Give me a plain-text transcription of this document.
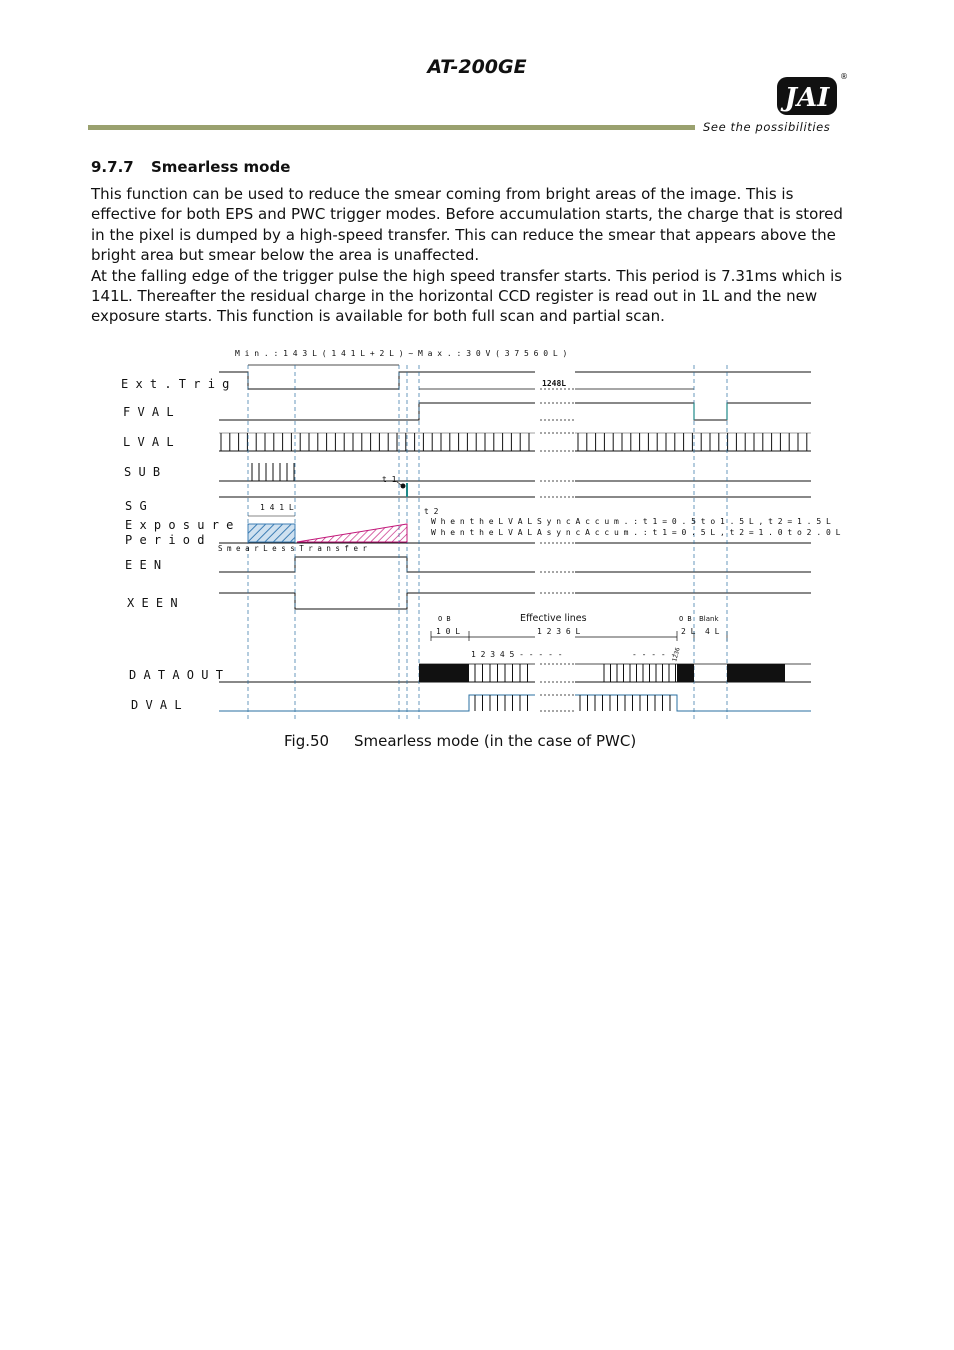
AT-200GE
JAI
®
See the possibilities
9.7.7 Smearless mode

This function can be used to reduce the smear coming from bright areas of the image. This is effective for both EPS and PWC trigger modes. Before accumulation starts, the charge that is stored in the pixel is dumped by a high-speed transfer. This can reduce the smear that appears above the bright area but smear below the area is unaffected.

At the falling edge of the trigger pulse the high speed transfer starts. This period is 7.31ms which is 141L. Thereafter the residual charge in the horizontal CCD register is read out in 1L and the new exposure starts. This function is available for both full scan and partial scan.

E x t . T r i g
F V A L
L V A L
S U B
S G
E x p o s u r e
P e r i o d
E E N
X E E N
D A T A O U T
D V A L
M i n . : 1 4 3 L ( 1 4 1 L + 2 L ) ~ M a x . : 3 0 V ( 3 7 5 6 0 L )
1248L
t 1
t 2
1 4 1 L
W h e n t h e L V A L S y n c A c c u m . : t 1 = 0 . 5 t o 1 . 5 L , t 2 = 1 . 5 L
W h e n t h e L V A L A s y n c A c c u m . : t 1 = 0 . 5 L , t 2 = 1 . 0 t o 2 . 0 L
S m e a r L e s s T r a n s f e r
Effective lines
O B
1 0 L	1 2 3 6 L
O B
2 L
Blank
4 L
1 2 3 4 5 - - - - -	- - - - -
1236
Fig.50 Smearless mode (in the case of PWC)
